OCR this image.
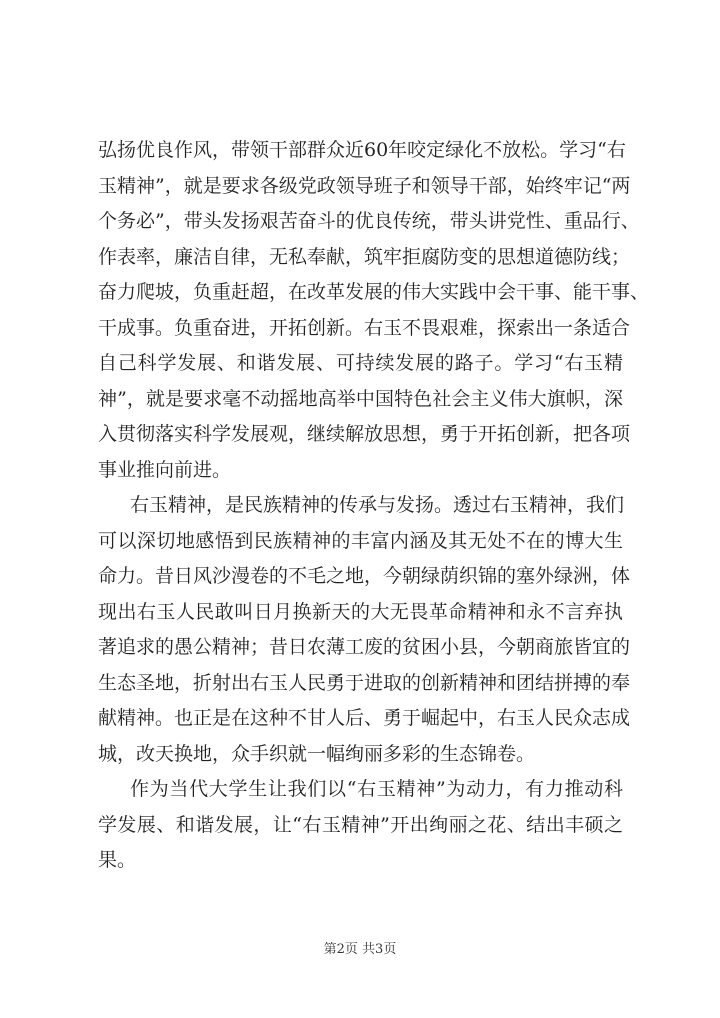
弘扬优良作风，带领干部群众近60年咬定绿化不放松。学习“右
玉精神”，就是要求各级党政领导班子和领导干部，始终牢记“两
个务必”，带头发扬艰苦奋斗的优良传统，带头讲党性、重品行、
作表率，廉洁自律，无私奉献，筑牢拒腐防变的思想道德防线；
奋力爬坡，负重赶超，在改革发展的伟大实践中会干事、能干事、
干成事。负重奋进，开拓创新。右玉不畏艰难，探索出一条适合
自己科学发展、和谐发展、可持续发展的路子。学习“右玉精
神”，就是要求毫不动摇地高举中国特色社会主义伟大旗帜，深
入贯彻落实科学发展观，继续解放思想，勇于开拓创新，把各项
事业推向前进。
右玉精神，是民族精神的传承与发扬。透过右玉精神，我们
可以深切地感悟到民族精神的丰富内涵及其无处不在的博大生
命力。昔日风沙漫卷的不毛之地，今朝绿荫织锦的塞外绿洲，体
现出右玉人民敢叫日月换新天的大无畏革命精神和永不言弃执
著追求的愚公精神；昔日农薄工废的贫困小县，今朝商旅皆宜的
生态圣地，折射出右玉人民勇于进取的创新精神和团结拼搏的奉
献精神。也正是在这种不甘人后、勇于崛起中，右玉人民众志成
城，改天换地，众手织就一幅绚丽多彩的生态锦卷。
作为当代大学生让我们以“右玉精神”为动力，有力推动科
学发展、和谐发展，让“右玉精神”开出绚丽之花、结出丰硕之
果。
第2页 共3页
